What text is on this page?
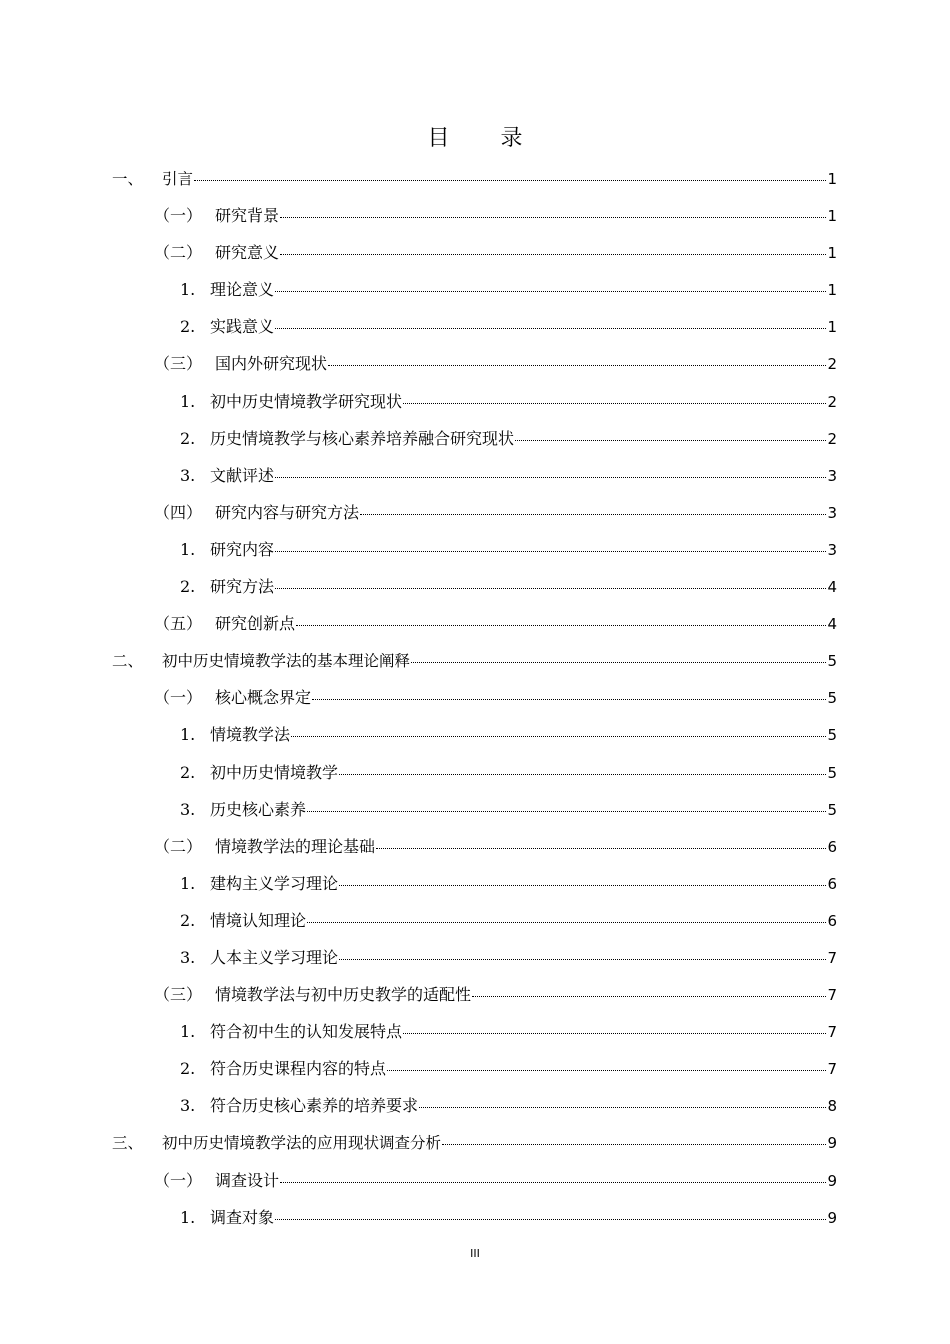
目 录
一、	引言	1
（一） 研究背景	1
（二） 研究意义	1
1. 理论意义	1
2. 实践意义	1
（三） 国内外研究现状	2
1. 初中历史情境教学研究现状	2
2. 历史情境教学与核心素养培养融合研究现状	2
3. 文献评述	3
（四） 研究内容与研究方法	3
1. 研究内容	3
2. 研究方法	4
（五） 研究创新点	4
二、	初中历史情境教学法的基本理论阐释	5
（一） 核心概念界定	5
1. 情境教学法	5
2. 初中历史情境教学	5
3. 历史核心素养	5
（二） 情境教学法的理论基础	6
1. 建构主义学习理论	6
2. 情境认知理论	6
3. 人本主义学习理论	7
（三） 情境教学法与初中历史教学的适配性	7
1. 符合初中生的认知发展特点	7
2. 符合历史课程内容的特点	7
3. 符合历史核心素养的培养要求	8
三、	初中历史情境教学法的应用现状调查分析	9
（一） 调查设计	9
1. 调查对象	9
III
